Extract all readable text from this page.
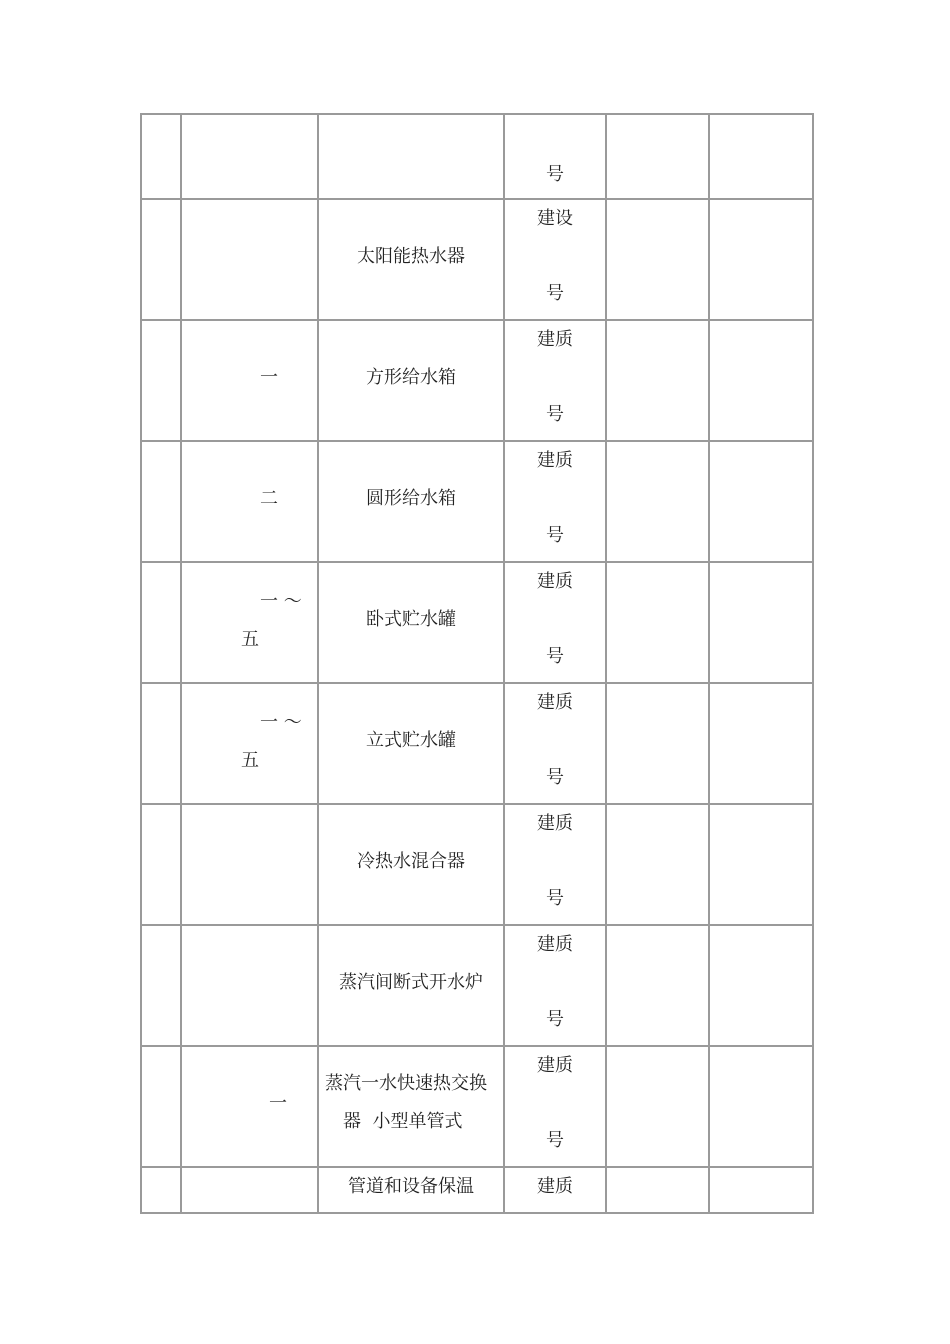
			号		

		太阳能热水器	建设
号		

	一	方形给水箱	建质
号		

	二	圆形给水箱	建质
号		

	一 ～
五	卧式贮水罐	建质
号		

	一 ～
五	立式贮水罐	建质
号		

		冷热水混合器	建质
号		

		蒸汽间断式开水炉	建质
号		

	一	蒸汽一水快速热交换
器  小型单管式	建质
号		

		管道和设备保温	建质		
